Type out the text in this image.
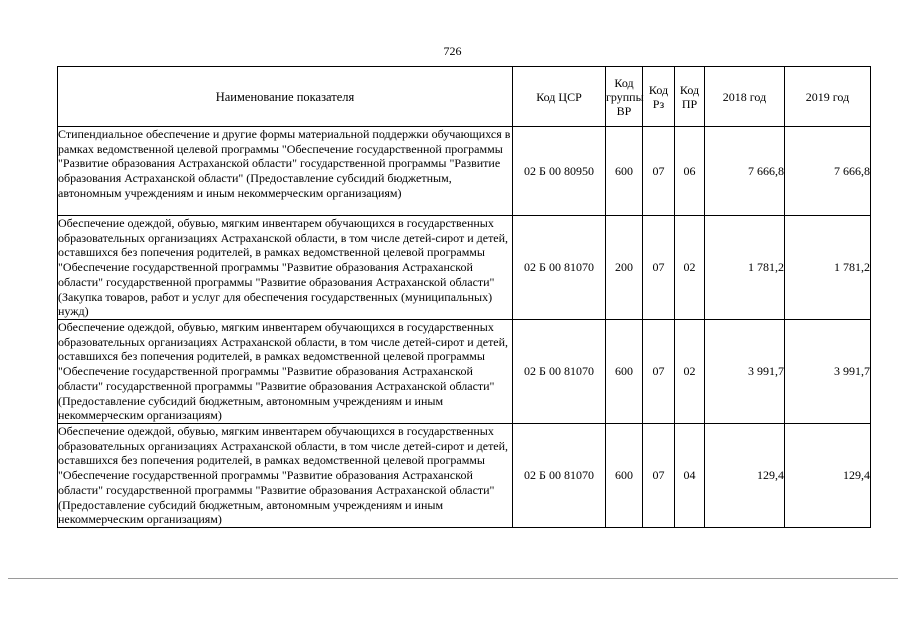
726
Наименование показателя	Код ЦСР	Код группы ВР	Код Рз	Код ПР	2018 год	2019 год
Стипендиальное обеспечение и другие формы материальной поддержки обучающихся в рамках ведомственной целевой программы "Обеспечение государственной программы "Развитие образования Астраханской области" государственной программы "Развитие образования Астраханской области" (Предоставление субсидий бюджетным, автономным учреждениям и иным некоммерческим организациям)	02 Б 00 80950	600	07	06	7 666,8	7 666,8
Обеспечение одеждой, обувью, мягким инвентарем обучающихся в государственных образовательных организациях Астраханской области, в том числе детей-сирот и детей, оставшихся без попечения родителей, в рамках ведомственной целевой программы "Обеспечение государственной программы "Развитие образования Астраханской области" государственной программы "Развитие образования Астраханской области" (Закупка товаров, работ и услуг для обеспечения государственных (муниципальных) нужд)	02 Б 00 81070	200	07	02	1 781,2	1 781,2
Обеспечение одеждой, обувью, мягким инвентарем обучающихся в государственных образовательных организациях Астраханской области, в том числе детей-сирот и детей, оставшихся без попечения родителей, в рамках ведомственной целевой программы "Обеспечение государственной программы "Развитие образования Астраханской области" государственной программы "Развитие образования Астраханской области" (Предоставление субсидий бюджетным, автономным учреждениям и иным некоммерческим организациям)	02 Б 00 81070	600	07	02	3 991,7	3 991,7
Обеспечение одеждой, обувью, мягким инвентарем обучающихся в государственных образовательных организациях Астраханской области, в том числе детей-сирот и детей, оставшихся без попечения родителей, в рамках ведомственной целевой программы "Обеспечение государственной программы "Развитие образования Астраханской области" государственной программы "Развитие образования Астраханской области" (Предоставление субсидий бюджетным, автономным учреждениям и иным некоммерческим организациям)	02 Б 00 81070	600	07	04	129,4	129,4
